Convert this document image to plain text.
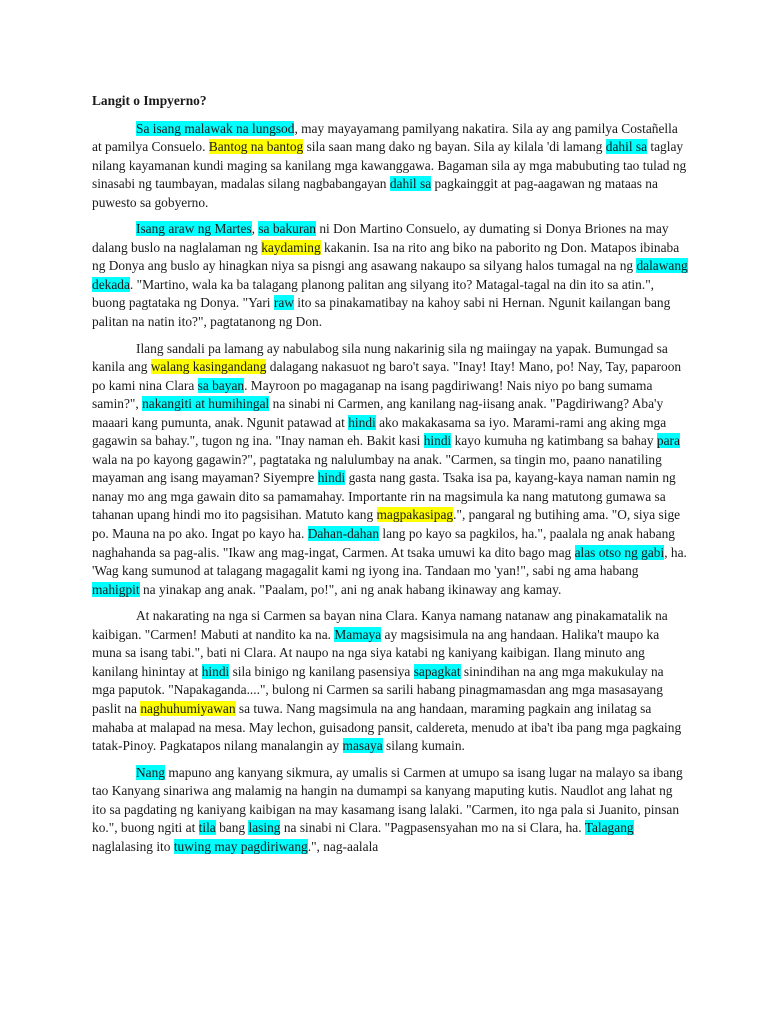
Langit o Impyerno?

Sa isang malawak na lungsod, may mayayamang pamilyang nakatira. Sila ay ang pamilya Costañella at pamilya Consuelo. Bantog na bantog sila saan mang dako ng bayan. Sila ay kilala 'di lamang dahil sa taglay nilang kayamanan kundi maging sa kanilang mga kawanggawa. Bagaman sila ay mga mabubuting tao tulad ng sinasabi ng taumbayan, madalas silang nagbabangayan dahil sa pagkainggit at pag-aagawan ng mataas na puwesto sa gobyerno.

Isang araw ng Martes, sa bakuran ni Don Martino Consuelo, ay dumating si Donya Briones na may dalang buslo na naglalaman ng kaydaming kakanin. Isa na rito ang biko na paborito ng Don. Matapos ibinaba ng Donya ang buslo ay hinagkan niya sa pisngi ang asawang nakaupo sa silyang halos tumagal na ng dalawang dekada. "Martino, wala ka ba talagang planong palitan ang silyang ito? Matagal-tagal na din ito sa atin.", buong pagtataka ng Donya. "Yari raw ito sa pinakamatibay na kahoy sabi ni Hernan. Ngunit kailangan bang palitan na natin ito?", pagtatanong ng Don.

Ilang sandali pa lamang ay nabulabog sila nung nakarinig sila ng maiingay na yapak. Bumungad sa kanila ang walang kasingandang dalagang nakasuot ng baro't saya. "Inay! Itay! Mano, po! Nay, Tay, paparoon po kami nina Clara sa bayan. Mayroon po magaganap na isang pagdiriwang! Nais niyo po bang sumama samin?", nakangiti at humihingal na sinabi ni Carmen, ang kanilang nag-iisang anak. "Pagdiriwang? Aba'y maaari kang pumunta, anak. Ngunit patawad at hindi ako makakasama sa iyo. Marami-rami ang aking mga gagawin sa bahay.", tugon ng ina. "Inay naman eh. Bakit kasi hindi kayo kumuha ng katimbang sa bahay para wala na po kayong gagawin?", pagtataka ng nalulumbay na anak. "Carmen, sa tingin mo, paano nanatiling mayaman ang isang mayaman? Siyempre hindi gasta nang gasta. Tsaka isa pa, kayang-kaya naman namin ng nanay mo ang mga gawain dito sa pamamahay. Importante rin na magsimula ka nang matutong gumawa sa tahanan upang hindi mo ito pagsisihan. Matuto kang magpakasipag.", pangaral ng butihing ama. "O, siya sige po. Mauna na po ako. Ingat po kayo ha. Dahan-dahan lang po kayo sa pagkilos, ha.", paalala ng anak habang naghahanda sa pag-alis. "Ikaw ang mag-ingat, Carmen. At tsaka umuwi ka dito bago mag alas otso ng gabi, ha. 'Wag kang sumunod at talagang magagalit kami ng iyong ina. Tandaan mo 'yan!", sabi ng ama habang mahigpit na yinakap ang anak. "Paalam, po!", ani ng anak habang ikinaway ang kamay.

At nakarating na nga si Carmen sa bayan nina Clara. Kanya namang natanaw ang pinakamatalik na kaibigan. "Carmen! Mabuti at nandito ka na. Mamaya ay magsisimula na ang handaan. Halika't maupo ka muna sa isang tabi.", bati ni Clara. At naupo na nga siya katabi ng kaniyang kaibigan. Ilang minuto ang kanilang hinintay at hindi sila binigo ng kanilang pasensiya sapagkat sinindihan na ang mga makukulay na mga paputok. "Napakaganda....", bulong ni Carmen sa sarili habang pinagmamasdan ang mga masasayang paslit na naghuhumiyawan sa tuwa. Nang magsimula na ang handaan, maraming pagkain ang inilatag sa mahaba at malapad na mesa. May lechon, guisadong pansit, caldereta, menudo at iba't iba pang mga pagkaing tatak-Pinoy. Pagkatapos nilang manalangin ay masaya silang kumain.

Nang mapuno ang kanyang sikmura, ay umalis si Carmen at umupo sa isang lugar na malayo sa ibang tao Kanyang sinariwa ang malamig na hangin na dumampi sa kanyang maputing kutis. Naudlot ang lahat ng ito sa pagdating ng kaniyang kaibigan na may kasamang isang lalaki. "Carmen, ito nga pala si Juanito, pinsan ko.", buong ngiti at tila bang lasing na sinabi ni Clara. "Pagpasensyahan mo na si Clara, ha. Talagang naglalasing ito tuwing may pagdiriwang.", nag-aalala
